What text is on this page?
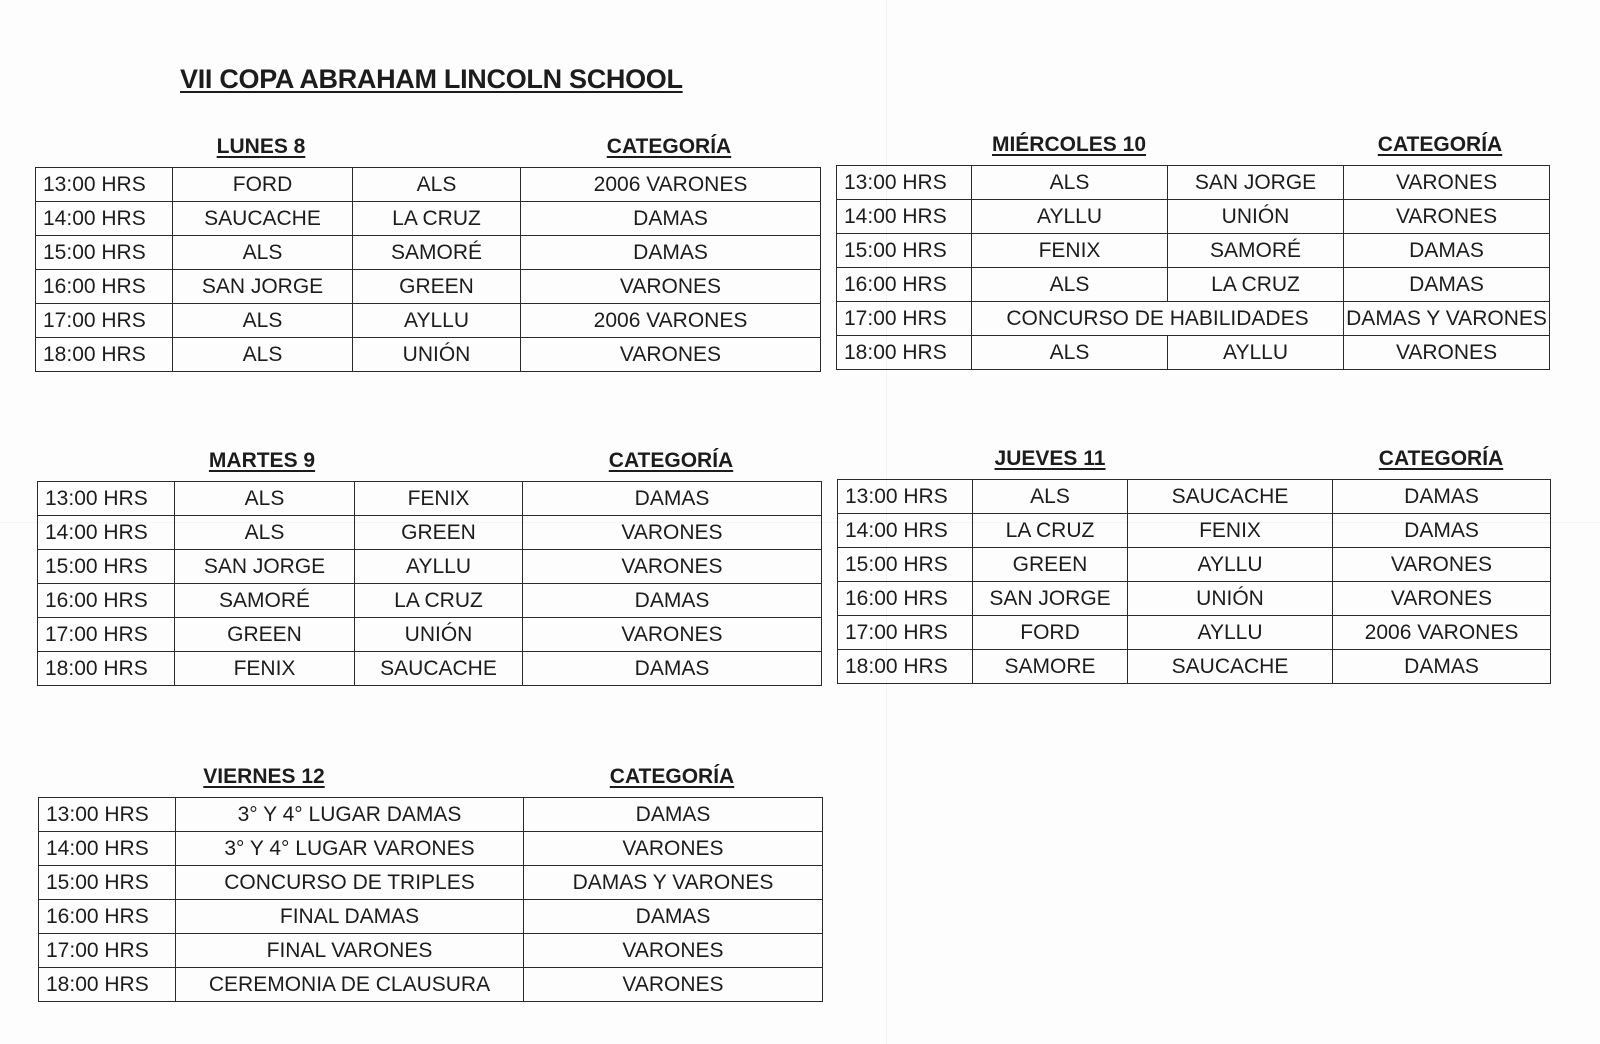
VII COPA ABRAHAM LINCOLN SCHOOL
LUNES 8	CATEGORÍA
13:00 HRS	FORD	ALS	2006 VARONES
14:00 HRS	SAUCACHE	LA CRUZ	DAMAS
15:00 HRS	ALS	SAMORÉ	DAMAS
16:00 HRS	SAN JORGE	GREEN	VARONES
17:00 HRS	ALS	AYLLU	2006 VARONES
18:00 HRS	ALS	UNIÓN	VARONES
MIÉRCOLES 10	CATEGORÍA
13:00 HRS	ALS	SAN JORGE	VARONES
14:00 HRS	AYLLU	UNIÓN	VARONES
15:00 HRS	FENIX	SAMORÉ	DAMAS
16:00 HRS	ALS	LA CRUZ	DAMAS
17:00 HRS	CONCURSO DE HABILIDADES		DAMAS Y VARONES
18:00 HRS	ALS	AYLLU	VARONES
MARTES 9	CATEGORÍA
13:00 HRS	ALS	FENIX	DAMAS
14:00 HRS	ALS	GREEN	VARONES
15:00 HRS	SAN JORGE	AYLLU	VARONES
16:00 HRS	SAMORÉ	LA CRUZ	DAMAS
17:00 HRS	GREEN	UNIÓN	VARONES
18:00 HRS	FENIX	SAUCACHE	DAMAS
JUEVES 11	CATEGORÍA
13:00 HRS	ALS	SAUCACHE	DAMAS
14:00 HRS	LA CRUZ	FENIX	DAMAS
15:00 HRS	GREEN	AYLLU	VARONES
16:00 HRS	SAN JORGE	UNIÓN	VARONES
17:00 HRS	FORD	AYLLU	2006 VARONES
18:00 HRS	SAMORE	SAUCACHE	DAMAS
VIERNES 12	CATEGORÍA
13:00 HRS	3° Y 4° LUGAR DAMAS	DAMAS
14:00 HRS	3° Y 4° LUGAR VARONES	VARONES
15:00 HRS	CONCURSO DE TRIPLES	DAMAS Y VARONES
16:00 HRS	FINAL DAMAS	DAMAS
17:00 HRS	FINAL VARONES	VARONES
18:00 HRS	CEREMONIA DE CLAUSURA	VARONES
